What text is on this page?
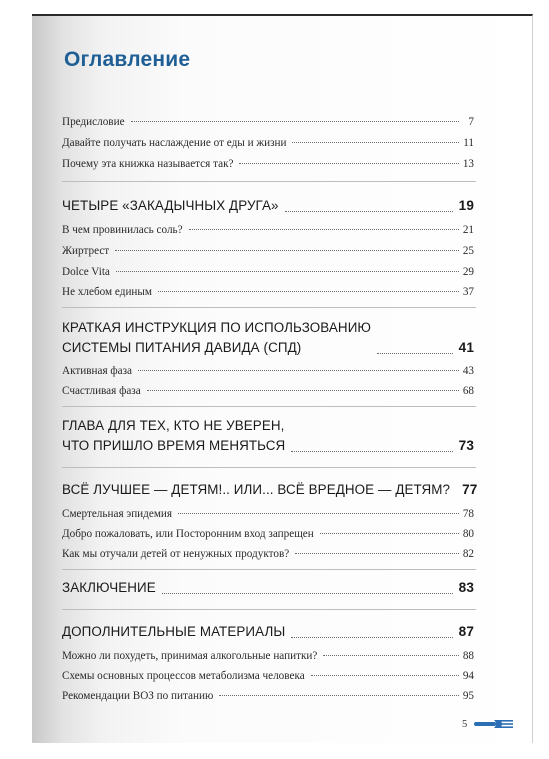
Оглавление
Предисловие	7
Давайте получать наслаждение от еды и жизни	11
Почему эта книжка называется так?	13
ЧЕТЫРЕ «ЗАКАДЫЧНЫХ ДРУГА»	19
В чем провинилась соль?	21
Жиртрест	25
Dolce Vita	29
Не хлебом единым	37
КРАТКАЯ ИНСТРУКЦИЯ ПО ИСПОЛЬЗОВАНИЮ
СИСТЕМЫ ПИТАНИЯ ДАВИДА (СПД)	41
Активная фаза	43
Счастливая фаза	68
ГЛАВА ДЛЯ ТЕХ, КТО НЕ УВЕРЕН,
ЧТО ПРИШЛО ВРЕМЯ МЕНЯТЬСЯ	73
ВСЁ ЛУЧШЕЕ — ДЕТЯМ!.. ИЛИ... ВСЁ ВРЕДНОЕ — ДЕТЯМ? 77
Смертельная эпидемия	78
Добро пожаловать, или Посторонним вход запрещен	80
Как мы отучали детей от ненужных продуктов?	82
ЗАКЛЮЧЕНИЕ	83
ДОПОЛНИТЕЛЬНЫЕ МАТЕРИАЛЫ	87
Можно ли похудеть, принимая алкогольные напитки?	88
Схемы основных процессов метаболизма человека	94
Рекомендации ВОЗ по питанию	95
5
